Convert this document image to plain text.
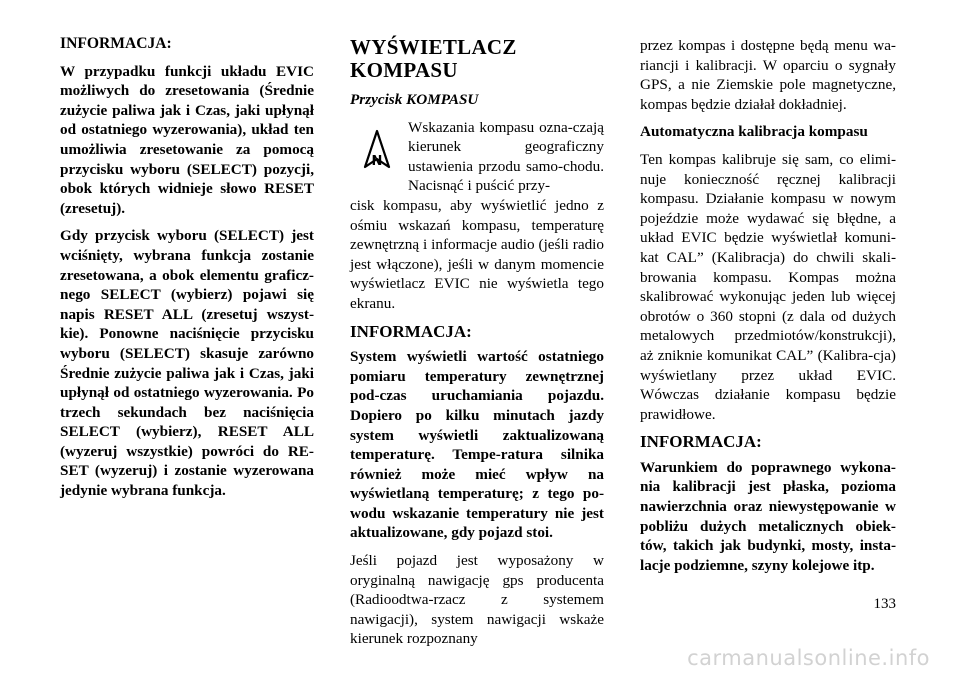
INFORMACJA:

W przypadku funkcji układu EVIC możliwych do zresetowania (Średnie zużycie paliwa jak i Czas, jaki upłynął od ostatniego wyzerowania), układ ten umożliwia zresetowanie za pomocą przycisku wyboru (SELECT) pozycji, obok których widnieje słowo RESET (zresetuj).

Gdy przycisk wyboru (SELECT) jest wciśnięty, wybrana funkcja zostanie zresetowana, a obok elementu graficz-nego SELECT (wybierz) pojawi się napis RESET ALL (zresetuj wszyst-kie). Ponowne naciśnięcie przycisku wyboru (SELECT) skasuje zarówno Średnie zużycie paliwa jak i Czas, jaki upłynął od ostatniego wyzerowania. Po trzech sekundach bez naciśnięcia SELECT (wybierz), RESET ALL (wyzeruj wszystkie) powróci do RE-SET (wyzeruj) i zostanie wyzerowana jedynie wybrana funkcja.

WYŚWIETLACZ
KOMPASU

Przycisk KOMPASU

N
Wskazania kompasu ozna-czają kierunek geograficzny ustawienia przodu samo-chodu. Nacisnąć i puścić przy-

cisk kompasu, aby wyświetlić jedno z ośmiu wskazań kompasu, temperaturę zewnętrzną i informacje audio (jeśli radio jest włączone), jeśli w danym momencie wyświetlacz EVIC nie wyświetla tego ekranu.

INFORMACJA:

System wyświetli wartość ostatniego pomiaru temperatury zewnętrznej pod-czas uruchamiania pojazdu. Dopiero po kilku minutach jazdy system wyświetli zaktualizowaną temperaturę. Tempe-ratura silnika również może mieć wpływ na wyświetlaną temperaturę; z tego po-wodu wskazanie temperatury nie jest aktualizowane, gdy pojazd stoi.

Jeśli pojazd jest wyposażony w oryginalną nawigację gps producenta (Radioodtwa-rzacz z systemem nawigacji), system nawigacji wskaże kierunek rozpoznany

przez kompas i dostępne będą menu wa-riancji i kalibracji. W oparciu o sygnały GPS, a nie Ziemskie pole magnetyczne, kompas będzie działał dokładniej.

Automatyczna kalibracja kompasu

Ten kompas kalibruje się sam, co elimi-nuje konieczność ręcznej kalibracji kompasu. Działanie kompasu w nowym pojeździe może wydawać się błędne, a układ EVIC będzie wyświetlał komuni-kat CAL” (Kalibracja) do chwili skali-browania kompasu. Kompas można skalibrować wykonując jeden lub więcej obrotów o 360 stopni (z dala od dużych metalowych przedmiotów/konstrukcji), aż zniknie komunikat CAL” (Kalibra-cja) wyświetlany przez układ EVIC. Wówczas działanie kompasu będzie prawidłowe.

INFORMACJA:

Warunkiem do poprawnego wykona-nia kalibracji jest płaska, pozioma nawierzchnia oraz niewystępowanie w pobliżu dużych metalicznych obiek-tów, takich jak budynki, mosty, insta-lacje podziemne, szyny kolejowe itp.

133
carmanualsonline.info
